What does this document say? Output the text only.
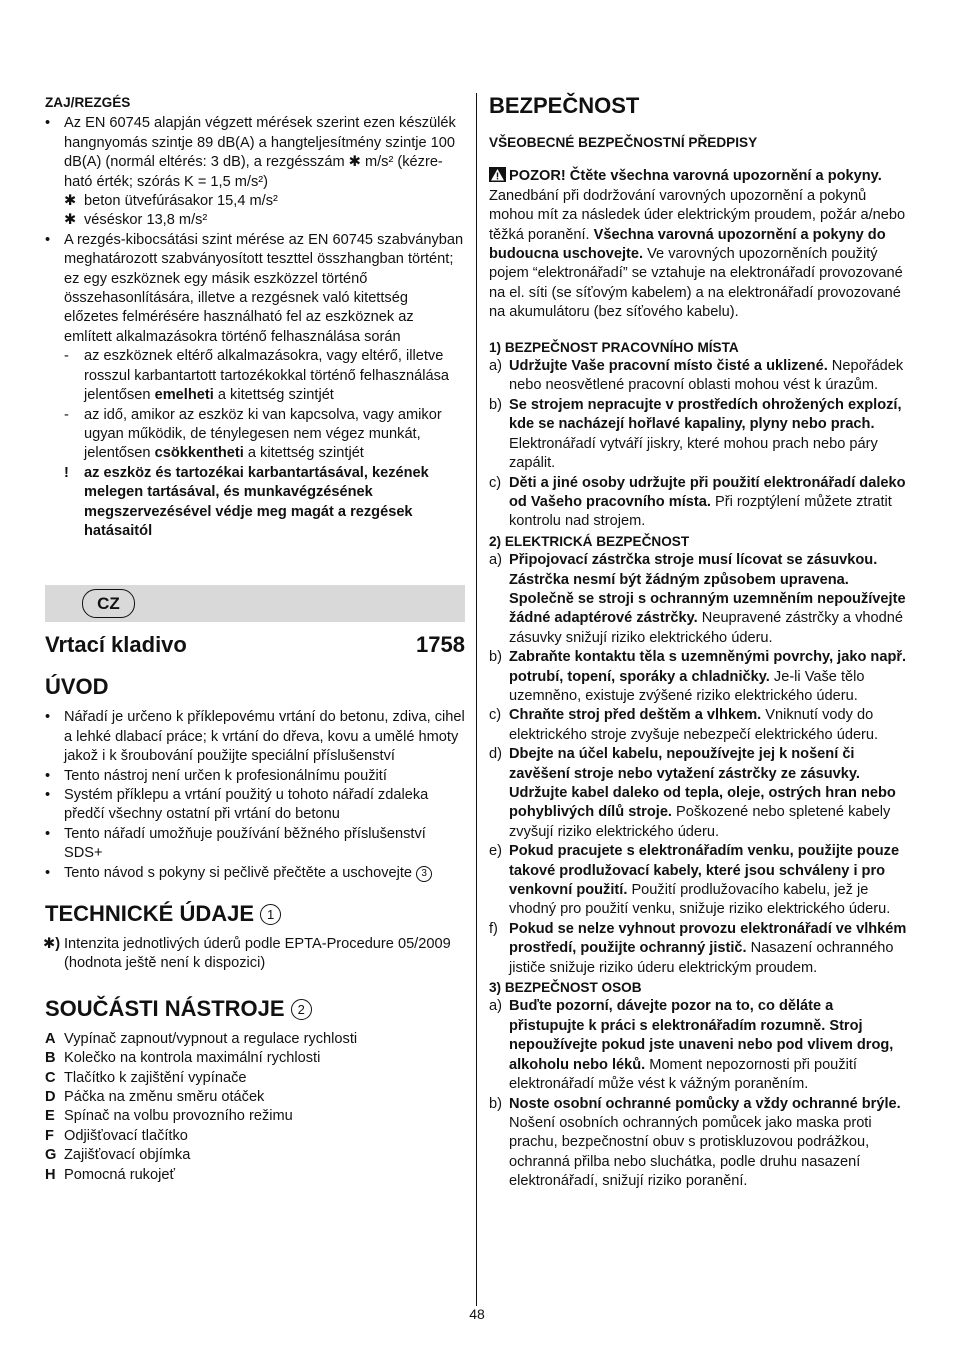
ZAJ/REZGÉS
• Az EN 60745 alapján végzett mérések szerint ezen készülék hangnyomás szintje 89 dB(A) a hangteljesítmény szintje 100 dB(A) (normál eltérés: 3 dB), a rezgésszám ✱ m/s² (kézre-ható érték; szórás K = 1,5 m/s²)
✱ beton ütvefúrásakor 15,4 m/s²
✱ véséskor 13,8 m/s²
• A rezgés-kibocsátási szint mérése az EN 60745 szabványban meghatározott szabványosított teszttel összhangban történt; ez egy eszköznek egy másik eszközzel történő összehasonlítására, illetve a rezgésnek való kitettség előzetes felmérésére használható fel az eszköznek az említett alkalmazásokra történő felhasználása során
- az eszköznek eltérő alkalmazásokra, vagy eltérő, illetve rosszul karbantartott tartozékokkal történő felhasználása jelentősen emelheti a kitettség szintjét
- az idő, amikor az eszköz ki van kapcsolva, vagy amikor ugyan működik, de ténylegesen nem végez munkát, jelentősen csökkentheti a kitettség szintjét
! az eszköz és tartozékai karbantartásával, kezének melegen tartásával, és munkavégzésének megszervezésével védje meg magát a rezgések hatásaitól
CZ
Vrtací kladivo	1758
ÚVOD
• Nářadí je určeno k příklepovému vrtání do betonu, zdiva, cihel a lehké dlabací práce; k vrtání do dřeva, kovu a umělé hmoty jakož i k šroubování použijte speciální příslušenství
• Tento nástroj není určen k profesionálnímu použití
• Systém příklepu a vrtání použitý u tohoto nářadí zdaleka předčí všechny ostatní při vrtání do betonu
• Tento nářadí umožňuje používání běžného příslušenství SDS+
• Tento návod s pokyny si pečlivě přečtěte a uschovejte 3
TECHNICKÉ ÚDAJE 1
✱) Intenzita jednotlivých úderů podle EPTA-Procedure 05/2009 (hodnota ještě není k dispozici)
SOUČÁSTI NÁSTROJE 2
A Vypínač zapnout/vypnout a regulace rychlosti
B Kolečko na kontrola maximální rychlosti
C Tlačítko k zajištění vypínače
D Páčka na změnu směru otáček
E Spínač na volbu provozního režimu
F Odjišťovací tlačítko
G Zajišťovací objímka
H Pomocná rukojeť
BEZPEČNOST
VŠEOBECNÉ BEZPEČNOSTNÍ PŘEDPISY
POZOR! Čtěte všechna varovná upozornění a pokyny. Zanedbání při dodržování varovných upozornění a pokynů mohou mít za následek úder elektrickým proudem, požár a/nebo těžká poranění. Všechna varovná upozornění a pokyny do budoucna uschovejte. Ve varovných upozorněních použitý pojem “elektronářadí” se vztahuje na elektronářadí provozované na el. síti (se síťovým kabelem) a na elektronářadí provozované na akumulátoru (bez síťového kabelu).
1) BEZPEČNOST PRACOVNÍHO MÍSTA
a) Udržujte Vaše pracovní místo čisté a uklizené. Nepořádek nebo neosvětlené pracovní oblasti mohou vést k úrazům.
b) Se strojem nepracujte v prostředích ohrožených explozí, kde se nacházejí hořlavé kapaliny, plyny nebo prach. Elektronářadí vytváří jiskry, které mohou prach nebo páry zapálit.
c) Děti a jiné osoby udržujte při použití elektronářadí daleko od Vašeho pracovního místa. Při rozptýlení můžete ztratit kontrolu nad strojem.
2) ELEKTRICKÁ BEZPEČNOST
a) Připojovací zástrčka stroje musí lícovat se zásuvkou. Zástrčka nesmí být žádným způsobem upravena. Společně se stroji s ochranným uzemněním nepoužívejte žádné adaptérové zástrčky. Neupravené zástrčky a vhodné zásuvky snižují riziko elektrického úderu.
b) Zabraňte kontaktu těla s uzemněnými povrchy, jako např. potrubí, topení, sporáky a chladničky. Je-li Vaše tělo uzemněno, existuje zvýšené riziko elektrického úderu.
c) Chraňte stroj před deštěm a vlhkem. Vniknutí vody do elektrického stroje zvyšuje nebezpečí elektrického úderu.
d) Dbejte na účel kabelu, nepoužívejte jej k nošení či zavěšení stroje nebo vytažení zástrčky ze zásuvky. Udržujte kabel daleko od tepla, oleje, ostrých hran nebo pohyblivých dílů stroje. Poškozené nebo spletené kabely zvyšují riziko elektrického úderu.
e) Pokud pracujete s elektronářadím venku, použijte pouze takové prodlužovací kabely, které jsou schváleny i pro venkovní použití. Použití prodlužovacího kabelu, jež je vhodný pro použití venku, snižuje riziko elektrického úderu.
f) Pokud se nelze vyhnout provozu elektronářadí ve vlhkém prostředí, použijte ochranný jistič. Nasazení ochranného jističe snižuje riziko úderu elektrickým proudem.
3) BEZPEČNOST OSOB
a) Buďte pozorní, dávejte pozor na to, co děláte a přistupujte k práci s elektronářadím rozumně. Stroj nepoužívejte pokud jste unaveni nebo pod vlivem drog, alkoholu nebo léků. Moment nepozornosti při použití elektronářadí může vést k vážným poraněním.
b) Noste osobní ochranné pomůcky a vždy ochranné brýle. Nošení osobních ochranných pomůcek jako maska proti prachu, bezpečnostní obuv s protiskluzovou podrážkou, ochranná přilba nebo sluchátka, podle druhu nasazení elektronářadí, snižují riziko poranění.
48
